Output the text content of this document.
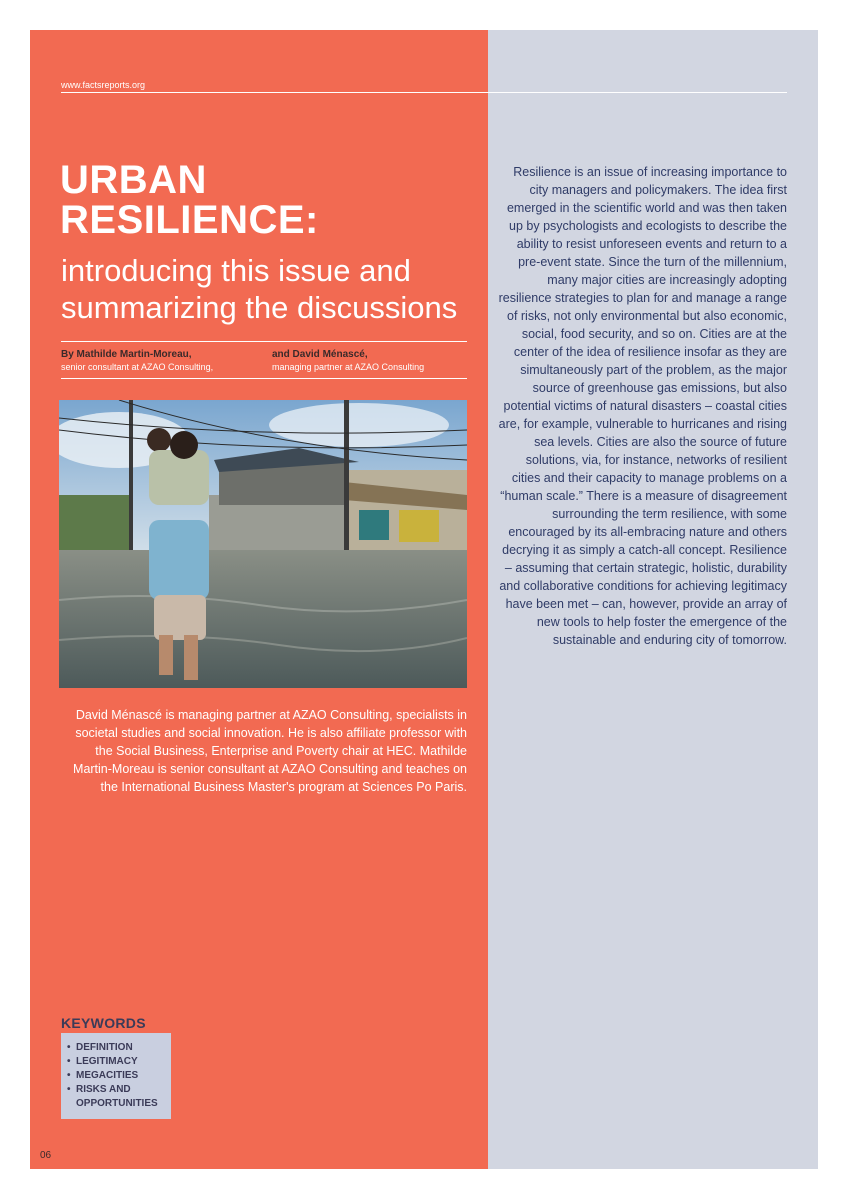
www.factsreports.org
URBAN
RESILIENCE:
introducing this issue and summarizing the discussions
By Mathilde Martin-Moreau,
senior consultant at AZAO Consulting,
and David Ménascé,
managing partner at AZAO Consulting
David Ménascé is managing partner at AZAO Consulting, specialists in societal studies and social innovation. He is also affiliate professor with the Social Business, Enterprise and Poverty chair at HEC. Mathilde Martin-Moreau is senior consultant at AZAO Consulting and teaches on the International Business Master's program at Sciences Po Paris.
Resilience is an issue of increasing importance to city managers and policymakers. The idea first emerged in the scientific world and was then taken up by psychologists and ecologists to describe the ability to resist unforeseen events and return to a pre-event state. Since the turn of the millennium, many major cities are increasingly adopting resilience strategies to plan for and manage a range of risks, not only environmental but also economic, social, food security, and so on. Cities are at the center of the idea of resilience insofar as they are simultaneously part of the problem, as the major source of greenhouse gas emissions, but also potential victims of natural disasters – coastal cities are, for example, vulnerable to hurricanes and rising sea levels. Cities are also the source of future solutions, via, for instance, networks of resilient cities and their capacity to manage problems on a “human scale.” There is a measure of disagreement surrounding the term resilience, with some encouraged by its all-embracing nature and others decrying it as simply a catch-all concept. Resilience – assuming that certain strategic, holistic, durability and collaborative conditions for achieving legitimacy have been met – can, however, provide an array of new tools to help foster the emergence of the sustainable and enduring city of tomorrow.
KEYWORDS
• DEFINITION
• LEGITIMACY
• MEGACITIES
• RISKS AND OPPORTUNITIES
06
